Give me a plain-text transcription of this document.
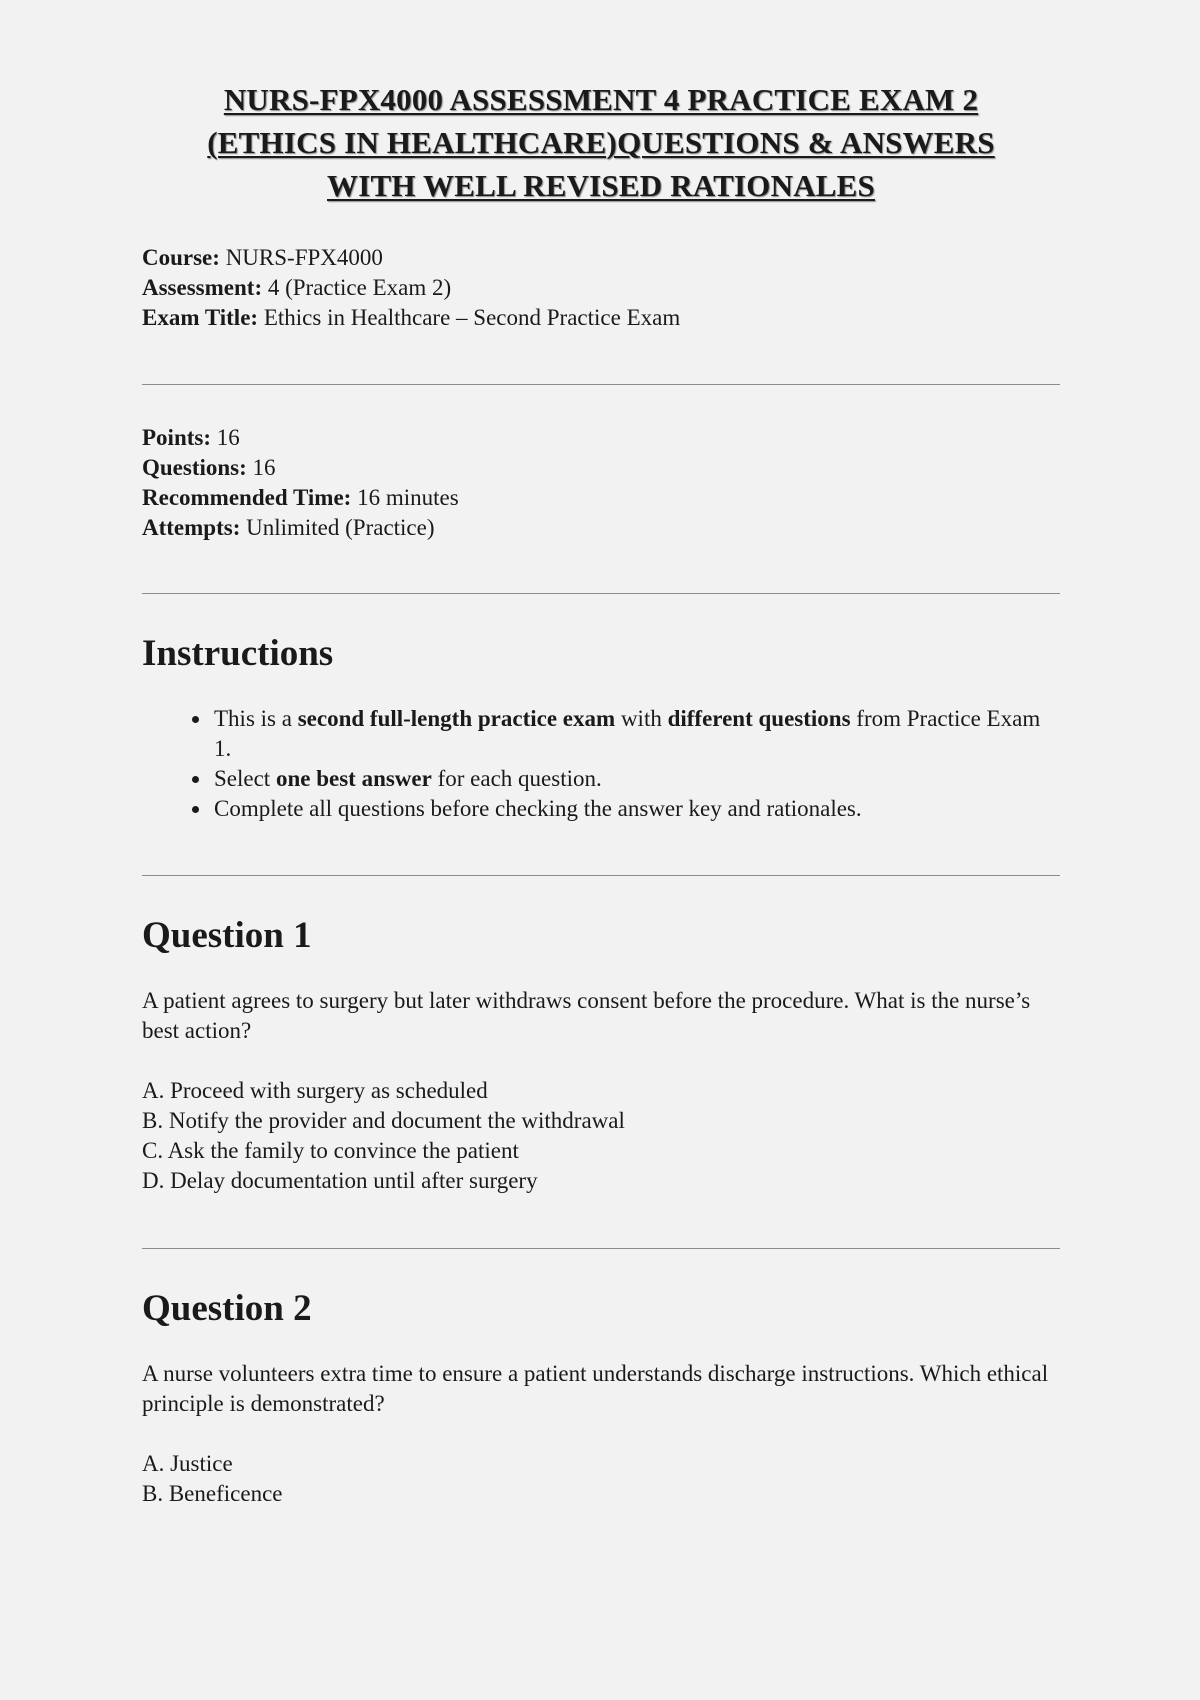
NURS-FPX4000 ASSESSMENT 4 PRACTICE EXAM 2
(ETHICS IN HEALTHCARE)QUESTIONS & ANSWERS
WITH WELL REVISED RATIONALES
Course: NURS-FPX4000
Assessment: 4 (Practice Exam 2)
Exam Title: Ethics in Healthcare – Second Practice Exam
Points: 16
Questions: 16
Recommended Time: 16 minutes
Attempts: Unlimited (Practice)
Instructions
• This is a second full-length practice exam with different questions from Practice Exam 1.
• Select one best answer for each question.
• Complete all questions before checking the answer key and rationales.
Question 1

A patient agrees to surgery but later withdraws consent before the procedure. What is the nurse’s best action?

A. Proceed with surgery as scheduled
B. Notify the provider and document the withdrawal
C. Ask the family to convince the patient
D. Delay documentation until after surgery
Question 2

A nurse volunteers extra time to ensure a patient understands discharge instructions. Which ethical principle is demonstrated?

A. Justice
B. Beneficence
